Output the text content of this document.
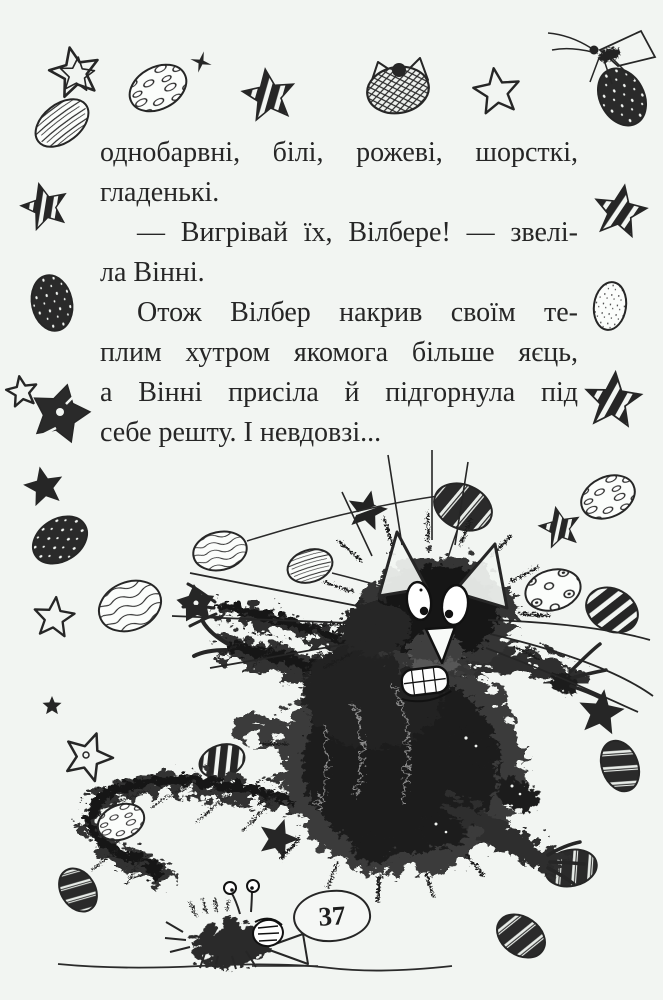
однобарвні, білі, рожеві, шорсткі,
гладенькі.
— Вигрівай їх, Вілбере! — звелі-
ла Вінні.
Отож Вілбер накрив своїм те-
плим хутром якомога більше яєць,
а Вінні присіла й підгорнула під
себе решту. І невдовзі...
37
